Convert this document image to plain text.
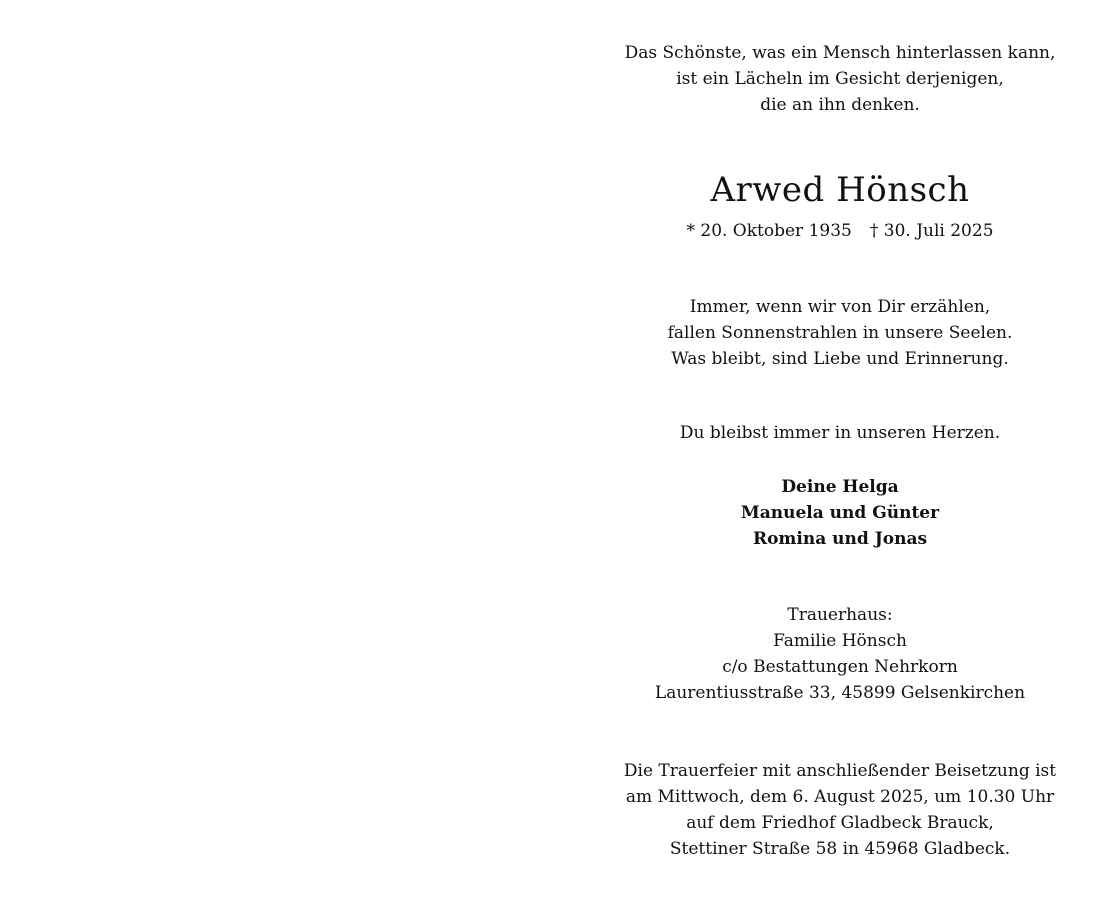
Das Schönste, was ein Mensch hinterlassen kann,
ist ein Lächeln im Gesicht derjenigen,
die an ihn denken.
Arwed Hönsch
* 20. Oktober 1935 † 30. Juli 2025
Immer, wenn wir von Dir erzählen,
fallen Sonnenstrahlen in unsere Seelen.
Was bleibt, sind Liebe und Erinnerung.
Du bleibst immer in unseren Herzen.
Deine Helga
Manuela und Günter
Romina und Jonas
Trauerhaus:
Familie Hönsch
c/o Bestattungen Nehrkorn
Laurentiusstraße 33, 45899 Gelsenkirchen
Die Trauerfeier mit anschließender Beisetzung ist
am Mittwoch, dem 6. August 2025, um 10.30 Uhr
auf dem Friedhof Gladbeck Brauck,
Stettiner Straße 58 in 45968 Gladbeck.
